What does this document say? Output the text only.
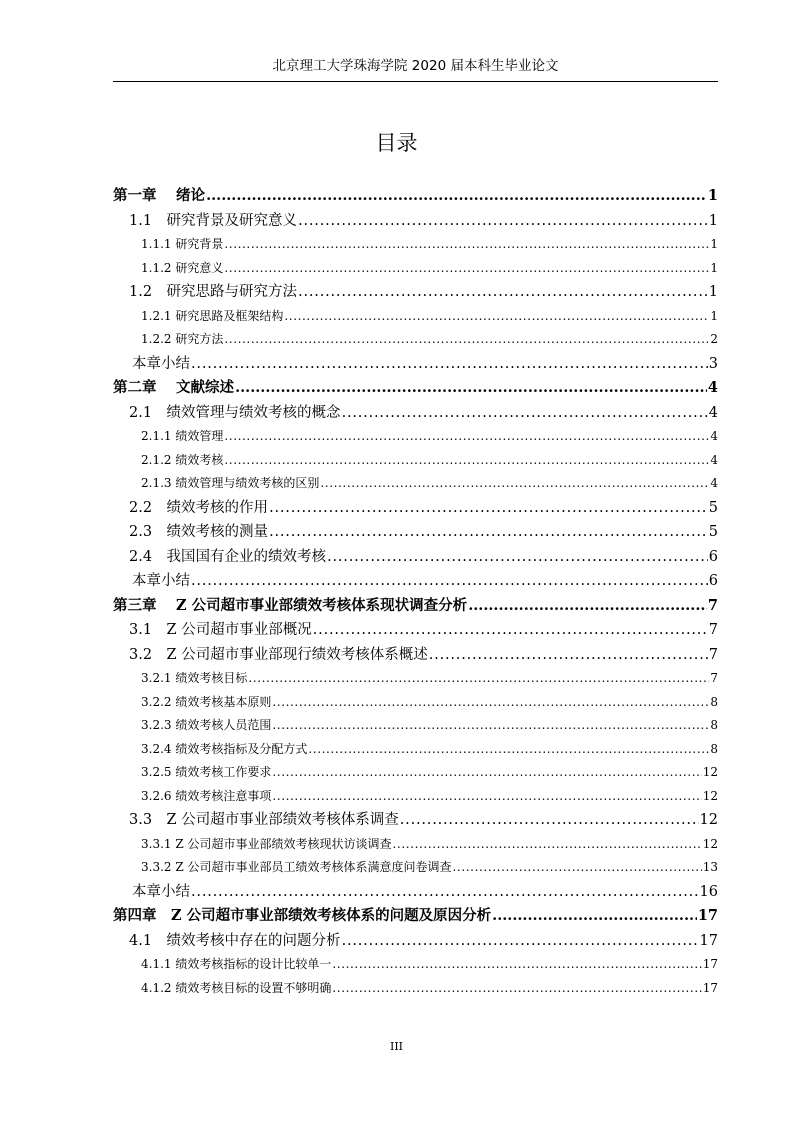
北京理工大学珠海学院 2020 届本科生毕业论文
目录
第一章　 绪论 .....	1
1.1　研究背景及研究意义 .....	1
1.1.1 研究背景 .....	1
1.1.2 研究意义 .....	1
1.2　研究思路与研究方法 .....	1
1.2.1 研究思路及框架结构 .....	1
1.2.2 研究方法 .....	2
本章小结 .....	3
第二章　 文献综述 .....	4
2.1　绩效管理与绩效考核的概念 .....	4
2.1.1 绩效管理 .....	4
2.1.2 绩效考核 .....	4
2.1.3 绩效管理与绩效考核的区别 .....	4
2.2　绩效考核的作用 .....	5
2.3　绩效考核的测量 .....	5
2.4　我国国有企业的绩效考核 .....	6
本章小结 .....	6
第三章　 Z 公司超市事业部绩效考核体系现状调查分析 .....	7
3.1　Z 公司超市事业部概况 .....	7
3.2　Z 公司超市事业部现行绩效考核体系概述 .....	7
3.2.1 绩效考核目标 .....	7
3.2.2 绩效考核基本原则 .....	8
3.2.3 绩效考核人员范围 .....	8
3.2.4 绩效考核指标及分配方式 .....	8
3.2.5 绩效考核工作要求 .....	12
3.2.6 绩效考核注意事项 .....	12
3.3　Z 公司超市事业部绩效考核体系调查 .....	12
3.3.1 Z 公司超市事业部绩效考核现状访谈调查 .....	12
3.3.2 Z 公司超市事业部员工绩效考核体系满意度问卷调查 .....	13
本章小结 .....	16
第四章　Z 公司超市事业部绩效考核体系的问题及原因分析 .....	17
4.1　绩效考核中存在的问题分析 .....	17
4.1.1 绩效考核指标的设计比较单一 .....	17
4.1.2 绩效考核目标的设置不够明确 .....	17
III
